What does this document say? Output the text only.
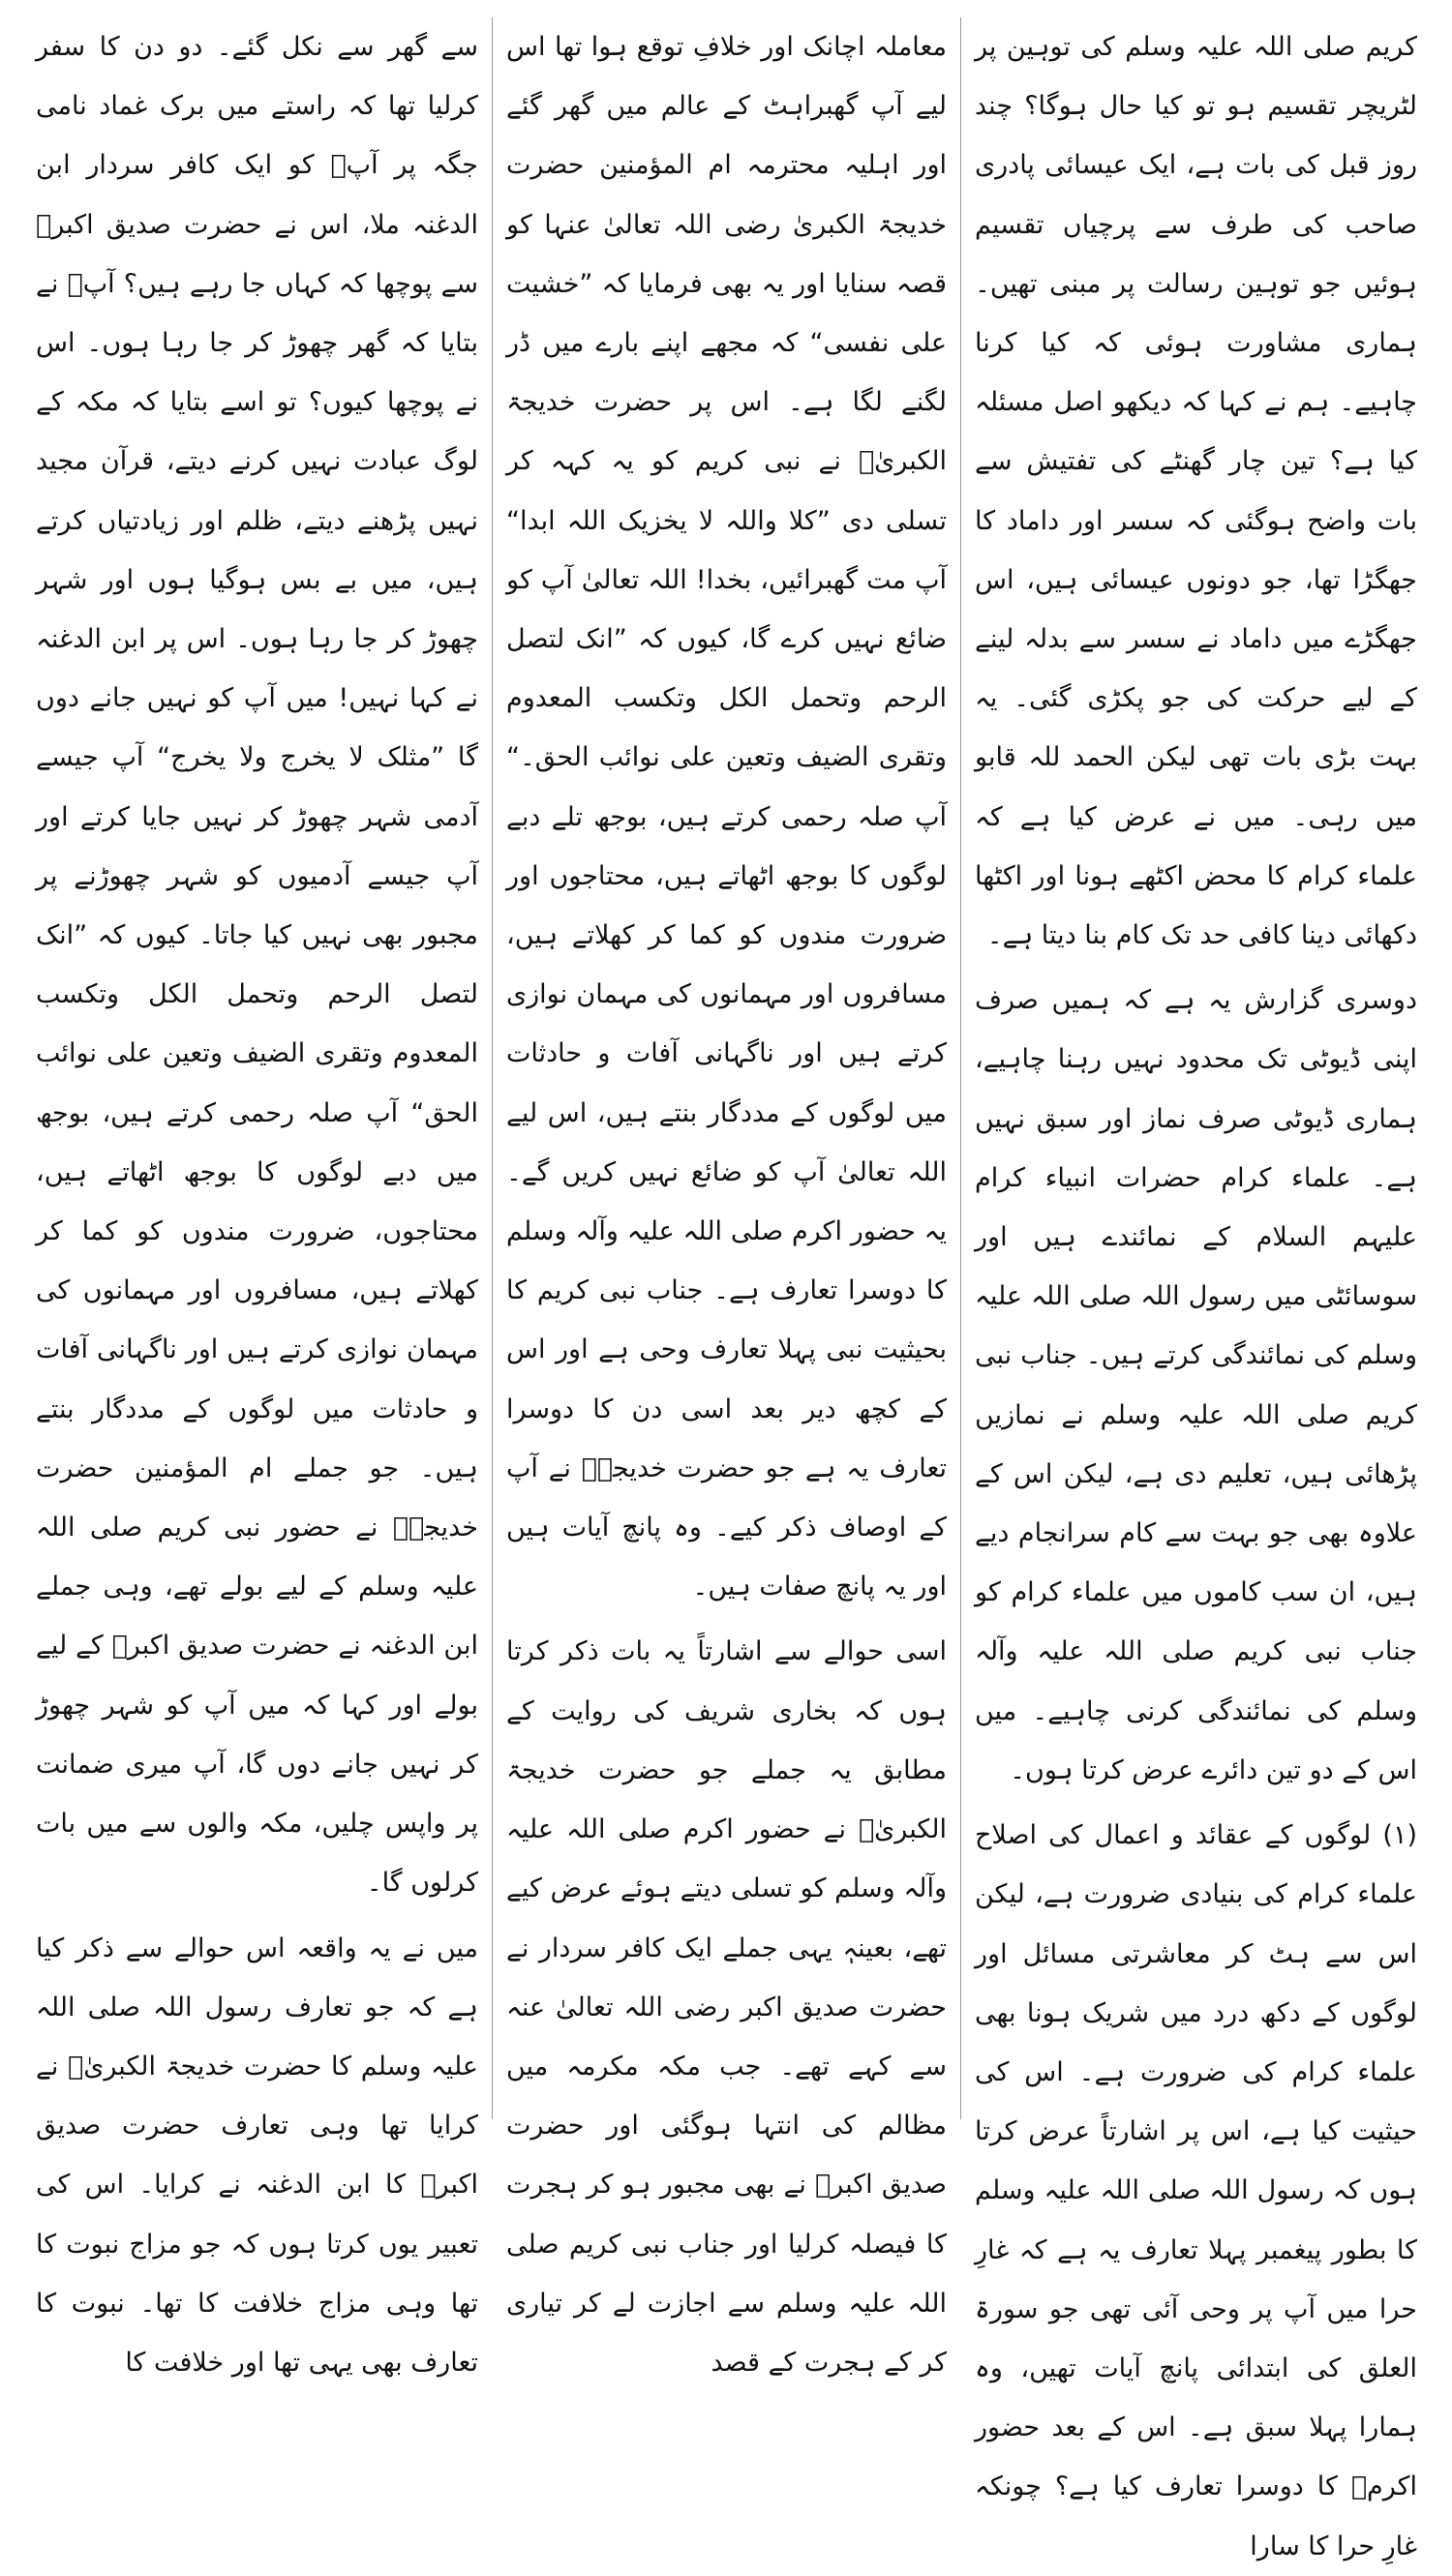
کریم صلی اللہ علیہ وسلم کی توہین پر لٹریچر تقسیم ہو تو کیا حال ہوگا؟ چند روز قبل کی بات ہے، ایک عیسائی پادری صاحب کی طرف سے پرچیاں تقسیم ہوئیں جو توہین رسالت پر مبنی تھیں۔ ہماری مشاورت ہوئی کہ کیا کرنا چاہیے۔ ہم نے کہا کہ دیکھو اصل مسئلہ کیا ہے؟ تین چار گھنٹے کی تفتیش سے بات واضح ہوگئی کہ سسر اور داماد کا جھگڑا تھا، جو دونوں عیسائی ہیں، اس جھگڑے میں داماد نے سسر سے بدلہ لینے کے لیے حرکت کی جو پکڑی گئی۔ یہ بہت بڑی بات تھی لیکن الحمد للہ قابو میں رہی۔ میں نے عرض کیا ہے کہ علماء کرام کا محض اکٹھے ہونا اور اکٹھا دکھائی دینا کافی حد تک کام بنا دیتا ہے۔

دوسری گزارش یہ ہے کہ ہمیں صرف اپنی ڈیوٹی تک محدود نہیں رہنا چاہیے، ہماری ڈیوٹی صرف نماز اور سبق نہیں ہے۔ علماء کرام حضرات انبیاء کرام علیہم السلام کے نمائندے ہیں اور سوسائٹی میں رسول اللہ صلی اللہ علیہ وسلم کی نمائندگی کرتے ہیں۔ جناب نبی کریم صلی اللہ علیہ وسلم نے نمازیں پڑھائی ہیں، تعلیم دی ہے، لیکن اس کے علاوہ بھی جو بہت سے کام سرانجام دیے ہیں، ان سب کاموں میں علماء کرام کو جناب نبی کریم صلی اللہ علیہ وآلہ وسلم کی نمائندگی کرنی چاہیے۔ میں اس کے دو تین دائرے عرض کرتا ہوں۔

(۱) لوگوں کے عقائد و اعمال کی اصلاح علماء کرام کی بنیادی ضرورت ہے، لیکن اس سے ہٹ کر معاشرتی مسائل اور لوگوں کے دکھ درد میں شریک ہونا بھی علماء کرام کی ضرورت ہے۔ اس کی حیثیت کیا ہے، اس پر اشارتاً عرض کرتا ہوں کہ رسول اللہ صلی اللہ علیہ وسلم کا بطور پیغمبر پہلا تعارف یہ ہے کہ غارِ حرا میں آپ پر وحی آئی تھی جو سورۃ العلق کی ابتدائی پانچ آیات تھیں، وہ ہمارا پہلا سبق ہے۔ اس کے بعد حضور اکرمؐ کا دوسرا تعارف کیا ہے؟ چونکہ غارِ حرا کا سارا

معاملہ اچانک اور خلافِ توقع ہوا تھا اس لیے آپ گھبراہٹ کے عالم میں گھر گئے اور اہلیہ محترمہ ام المؤمنین حضرت خدیجۃ الکبریٰ رضی اللہ تعالیٰ عنہا کو قصہ سنایا اور یہ بھی فرمایا کہ ”خشیت علی نفسی“ کہ مجھے اپنے بارے میں ڈر لگنے لگا ہے۔ اس پر حضرت خدیجۃ الکبریٰؓ نے نبی کریم کو یہ کہہ کر تسلی دی ”کلا واللہ لا یخزیک اللہ ابدا“ آپ مت گھبرائیں، بخدا! اللہ تعالیٰ آپ کو ضائع نہیں کرے گا، کیوں کہ ”انک لتصل الرحم وتحمل الکل وتکسب المعدوم وتقری الضیف وتعین علی نوائب الحق۔“ آپ صلہ رحمی کرتے ہیں، بوجھ تلے دبے لوگوں کا بوجھ اٹھاتے ہیں، محتاجوں اور ضرورت مندوں کو کما کر کھلاتے ہیں، مسافروں اور مہمانوں کی مہمان نوازی کرتے ہیں اور ناگہانی آفات و حادثات میں لوگوں کے مددگار بنتے ہیں، اس لیے اللہ تعالیٰ آپ کو ضائع نہیں کریں گے۔ یہ حضور اکرم صلی اللہ علیہ وآلہ وسلم کا دوسرا تعارف ہے۔ جناب نبی کریم کا بحیثیت نبی پہلا تعارف وحی ہے اور اس کے کچھ دیر بعد اسی دن کا دوسرا تعارف یہ ہے جو حضرت خدیجہؓ نے آپ کے اوصاف ذکر کیے۔ وہ پانچ آیات ہیں اور یہ پانچ صفات ہیں۔

اسی حوالے سے اشارتاً یہ بات ذکر کرتا ہوں کہ بخاری شریف کی روایت کے مطابق یہ جملے جو حضرت خدیجۃ الکبریٰؓ نے حضور اکرم صلی اللہ علیہ وآلہ وسلم کو تسلی دیتے ہوئے عرض کیے تھے، بعینہٖ یہی جملے ایک کافر سردار نے حضرت صدیق اکبر رضی اللہ تعالیٰ عنہ سے کہے تھے۔ جب مکہ مکرمہ میں مظالم کی انتہا ہوگئی اور حضرت صدیق اکبرؓ نے بھی مجبور ہو کر ہجرت کا فیصلہ کرلیا اور جناب نبی کریم صلی اللہ علیہ وسلم سے اجازت لے کر تیاری کر کے ہجرت کے قصد

سے گھر سے نکل گئے۔ دو دن کا سفر کرلیا تھا کہ راستے میں برک غماد نامی جگہ پر آپؓ کو ایک کافر سردار ابن الدغنہ ملا، اس نے حضرت صدیق اکبرؓ سے پوچھا کہ کہاں جا رہے ہیں؟ آپؓ نے بتایا کہ گھر چھوڑ کر جا رہا ہوں۔ اس نے پوچھا کیوں؟ تو اسے بتایا کہ مکہ کے لوگ عبادت نہیں کرنے دیتے، قرآن مجید نہیں پڑھنے دیتے، ظلم اور زیادتیاں کرتے ہیں، میں بے بس ہوگیا ہوں اور شہر چھوڑ کر جا رہا ہوں۔ اس پر ابن الدغنہ نے کہا نہیں! میں آپ کو نہیں جانے دوں گا ”مثلک لا یخرج ولا یخرج“ آپ جیسے آدمی شہر چھوڑ کر نہیں جایا کرتے اور آپ جیسے آدمیوں کو شہر چھوڑنے پر مجبور بھی نہیں کیا جاتا۔ کیوں کہ ”انک لتصل الرحم وتحمل الکل وتکسب المعدوم وتقری الضیف وتعین علی نوائب الحق“ آپ صلہ رحمی کرتے ہیں، بوجھ میں دبے لوگوں کا بوجھ اٹھاتے ہیں، محتاجوں، ضرورت مندوں کو کما کر کھلاتے ہیں، مسافروں اور مہمانوں کی مہمان نوازی کرتے ہیں اور ناگہانی آفات و حادثات میں لوگوں کے مددگار بنتے ہیں۔ جو جملے ام المؤمنین حضرت خدیجہؓ نے حضور نبی کریم صلی اللہ علیہ وسلم کے لیے بولے تھے، وہی جملے ابن الدغنہ نے حضرت صدیق اکبرؓ کے لیے بولے اور کہا کہ میں آپ کو شہر چھوڑ کر نہیں جانے دوں گا، آپ میری ضمانت پر واپس چلیں، مکہ والوں سے میں بات کرلوں گا۔

میں نے یہ واقعہ اس حوالے سے ذکر کیا ہے کہ جو تعارف رسول اللہ صلی اللہ علیہ وسلم کا حضرت خدیجۃ الکبریٰؓ نے کرایا تھا وہی تعارف حضرت صدیق اکبرؓ کا ابن الدغنہ نے کرایا۔ اس کی تعبیر یوں کرتا ہوں کہ جو مزاج نبوت کا تھا وہی مزاج خلافت کا تھا۔ نبوت کا تعارف بھی یہی تھا اور خلافت کا
